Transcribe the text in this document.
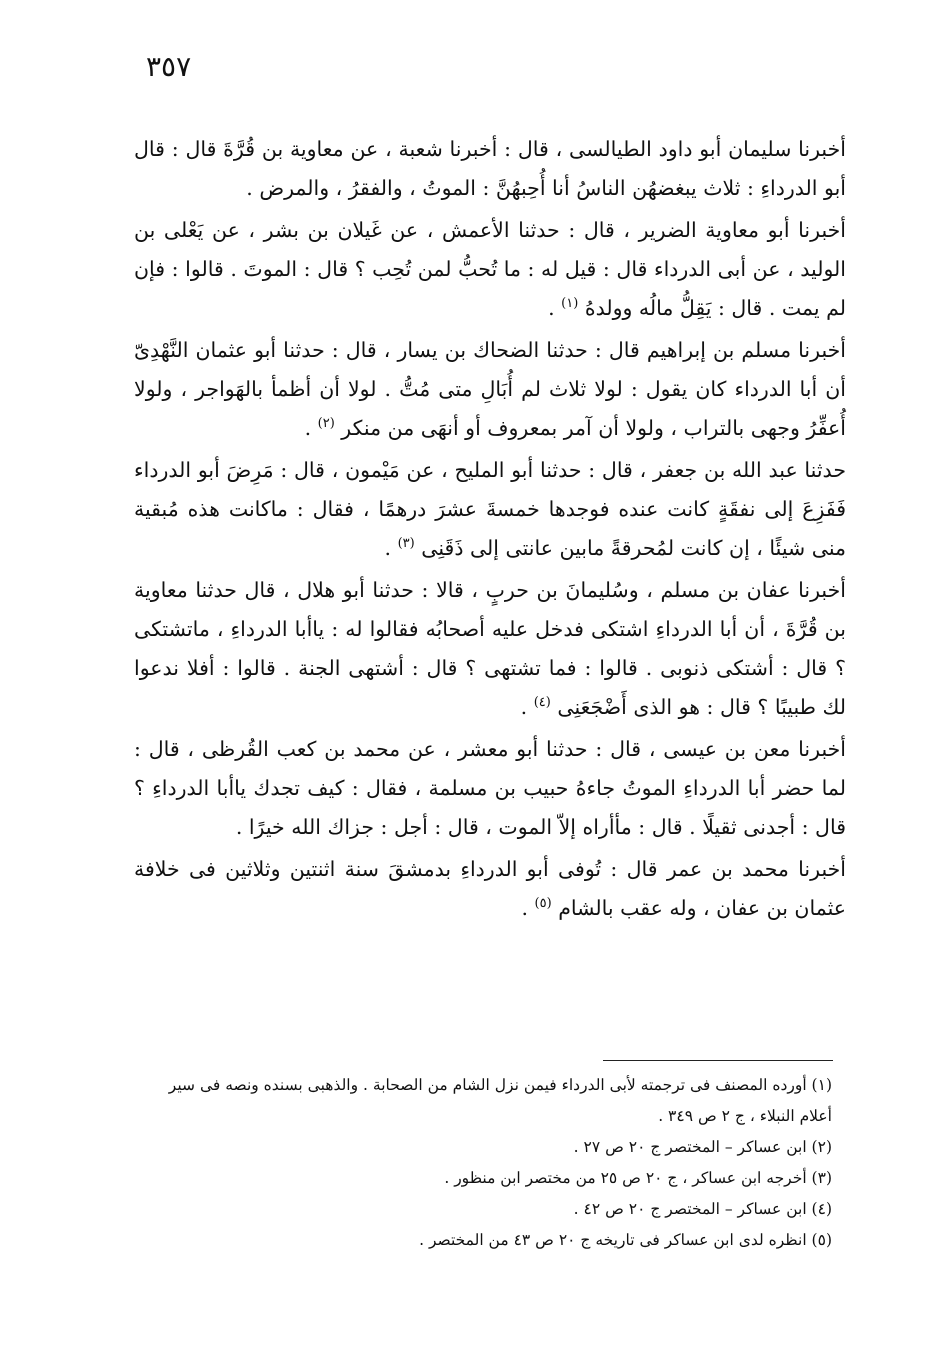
٣٥٧

أخبرنا سليمان أبو داود الطيالسى ، قال : أخبرنا شعبة ، عن معاوية بن قُرَّةَ قال : قال أبو الدرداءِ : ثلاث يبغضهُن الناسُ أنا أُحِبهُنَّ : الموتُ ، والفقرُ ، والمرض .

أخبرنا أبو معاوية الضرير ، قال : حدثنا الأعمش ، عن غَيلان بن بشر ، عن يَعْلى بن الوليد ، عن أبى الدرداء قال : قيل له : ما تُحبُّ لمن تُحِب ؟ قال : الموتَ . قالوا : فإن لم يمت . قال : يَقِلُّ مالُه وولدهُ $^{(١)}$ .

أخبرنا مسلم بن إبراهيم قال : حدثنا الضحاك بن يسار ، قال : حدثنا أبو عثمان النَّهْدِىّ أن أبا الدرداء كان يقول : لولا ثلاث لم أُبَالِ متى مُتُّ . لولا أن أظمأ بالهَواجر ، ولولا أُعفِّرُ وجهى بالتراب ، ولولا أن آمر بمعروف أو أنهَى من منكر $^{(٢)}$ .

حدثنا عبد الله بن جعفر ، قال : حدثنا أبو المليح ، عن مَيْمون ، قال : مَرِضَ أبو الدرداء فَفَزِعَ إلى نفقَةٍ كانت عنده فوجدها خمسةَ عشرَ درهمًا ، فقال : ماكانت هذه مُبقية منى شيئًا ، إن كانت لمُحرقةً مابين عانتى إلى ذَقَنِى $^{(٣)}$ .

أخبرنا عفان بن مسلم ، وسُليمانَ بن حربٍ ، قالا : حدثنا أبو هلال ، قال حدثنا معاوية بن قُرَّةَ ، أن أبا الدرداءِ اشتكى فدخل عليه أصحابُه فقالوا له : ياأبا الدرداءِ ، ماتشتكى ؟ قال : أشتكى ذنوبى . قالوا : فما تشتهى ؟ قال : أشتهى الجنة . قالوا : أفلا ندعوا لك طبيبًا ؟ قال : هو الذى أَضْجَعَنِى $^{(٤)}$ .

أخبرنا معن بن عيسى ، قال : حدثنا أبو معشر ، عن محمد بن كعب القُرظى ، قال : لما حضر أبا الدرداءِ الموتُ جاءهُ حبيب بن مسلمة ، فقال : كيف تجدك ياأبا الدرداءِ ؟ قال : أجدنى ثقيلًا . قال : مأأراه إلاّ الموت ، قال : أجل : جزاك الله خيرًا .

أخبرنا محمد بن عمر قال : تُوفى أبو الدرداءِ بدمشقَ سنة اثنتين وثلاثين فى خلافة عثمان بن عفان ، وله عقب بالشام $^{(٥)}$ .

(١) أورده المصنف فى ترجمته لأبى الدرداء فيمن نزل الشام من الصحابة . والذهبى بسنده ونصه فى سير أعلام النبلاء ، ج ٢ ص ٣٤٩ .

(٢) ابن عساكر – المختصر ج ٢٠ ص ٢٧ .

(٣) أخرجه ابن عساكر ، ج ٢٠ ص ٢٥ من مختصر ابن منظور .

(٤) ابن عساكر – المختصر ج ٢٠ ص ٤٢ .

(٥) انظره لدى ابن عساكر فى تاريخه ج ٢٠ ص ٤٣ من المختصر .
